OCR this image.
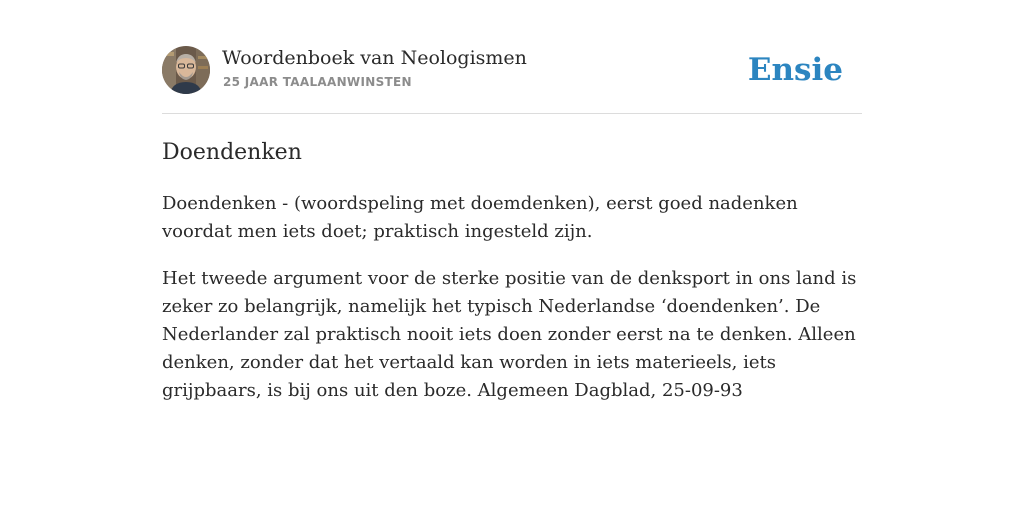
Woordenboek van Neologismen
25 JAAR TAALAANWINSTEN	Ensie
Doendenken

Doendenken - (woordspeling met doemdenken), eerst goed nadenken voordat men iets doet; praktisch ingesteld zijn.

Het tweede argument voor de sterke positie van de denksport in ons land is zeker zo belangrijk, namelijk het typisch Nederlandse ‘doendenken’. De Nederlander zal praktisch nooit iets doen zonder eerst na te denken. Alleen denken, zonder dat het vertaald kan worden in iets materieels, iets grijpbaars, is bij ons uit den boze. Algemeen Dagblad, 25-09-93
